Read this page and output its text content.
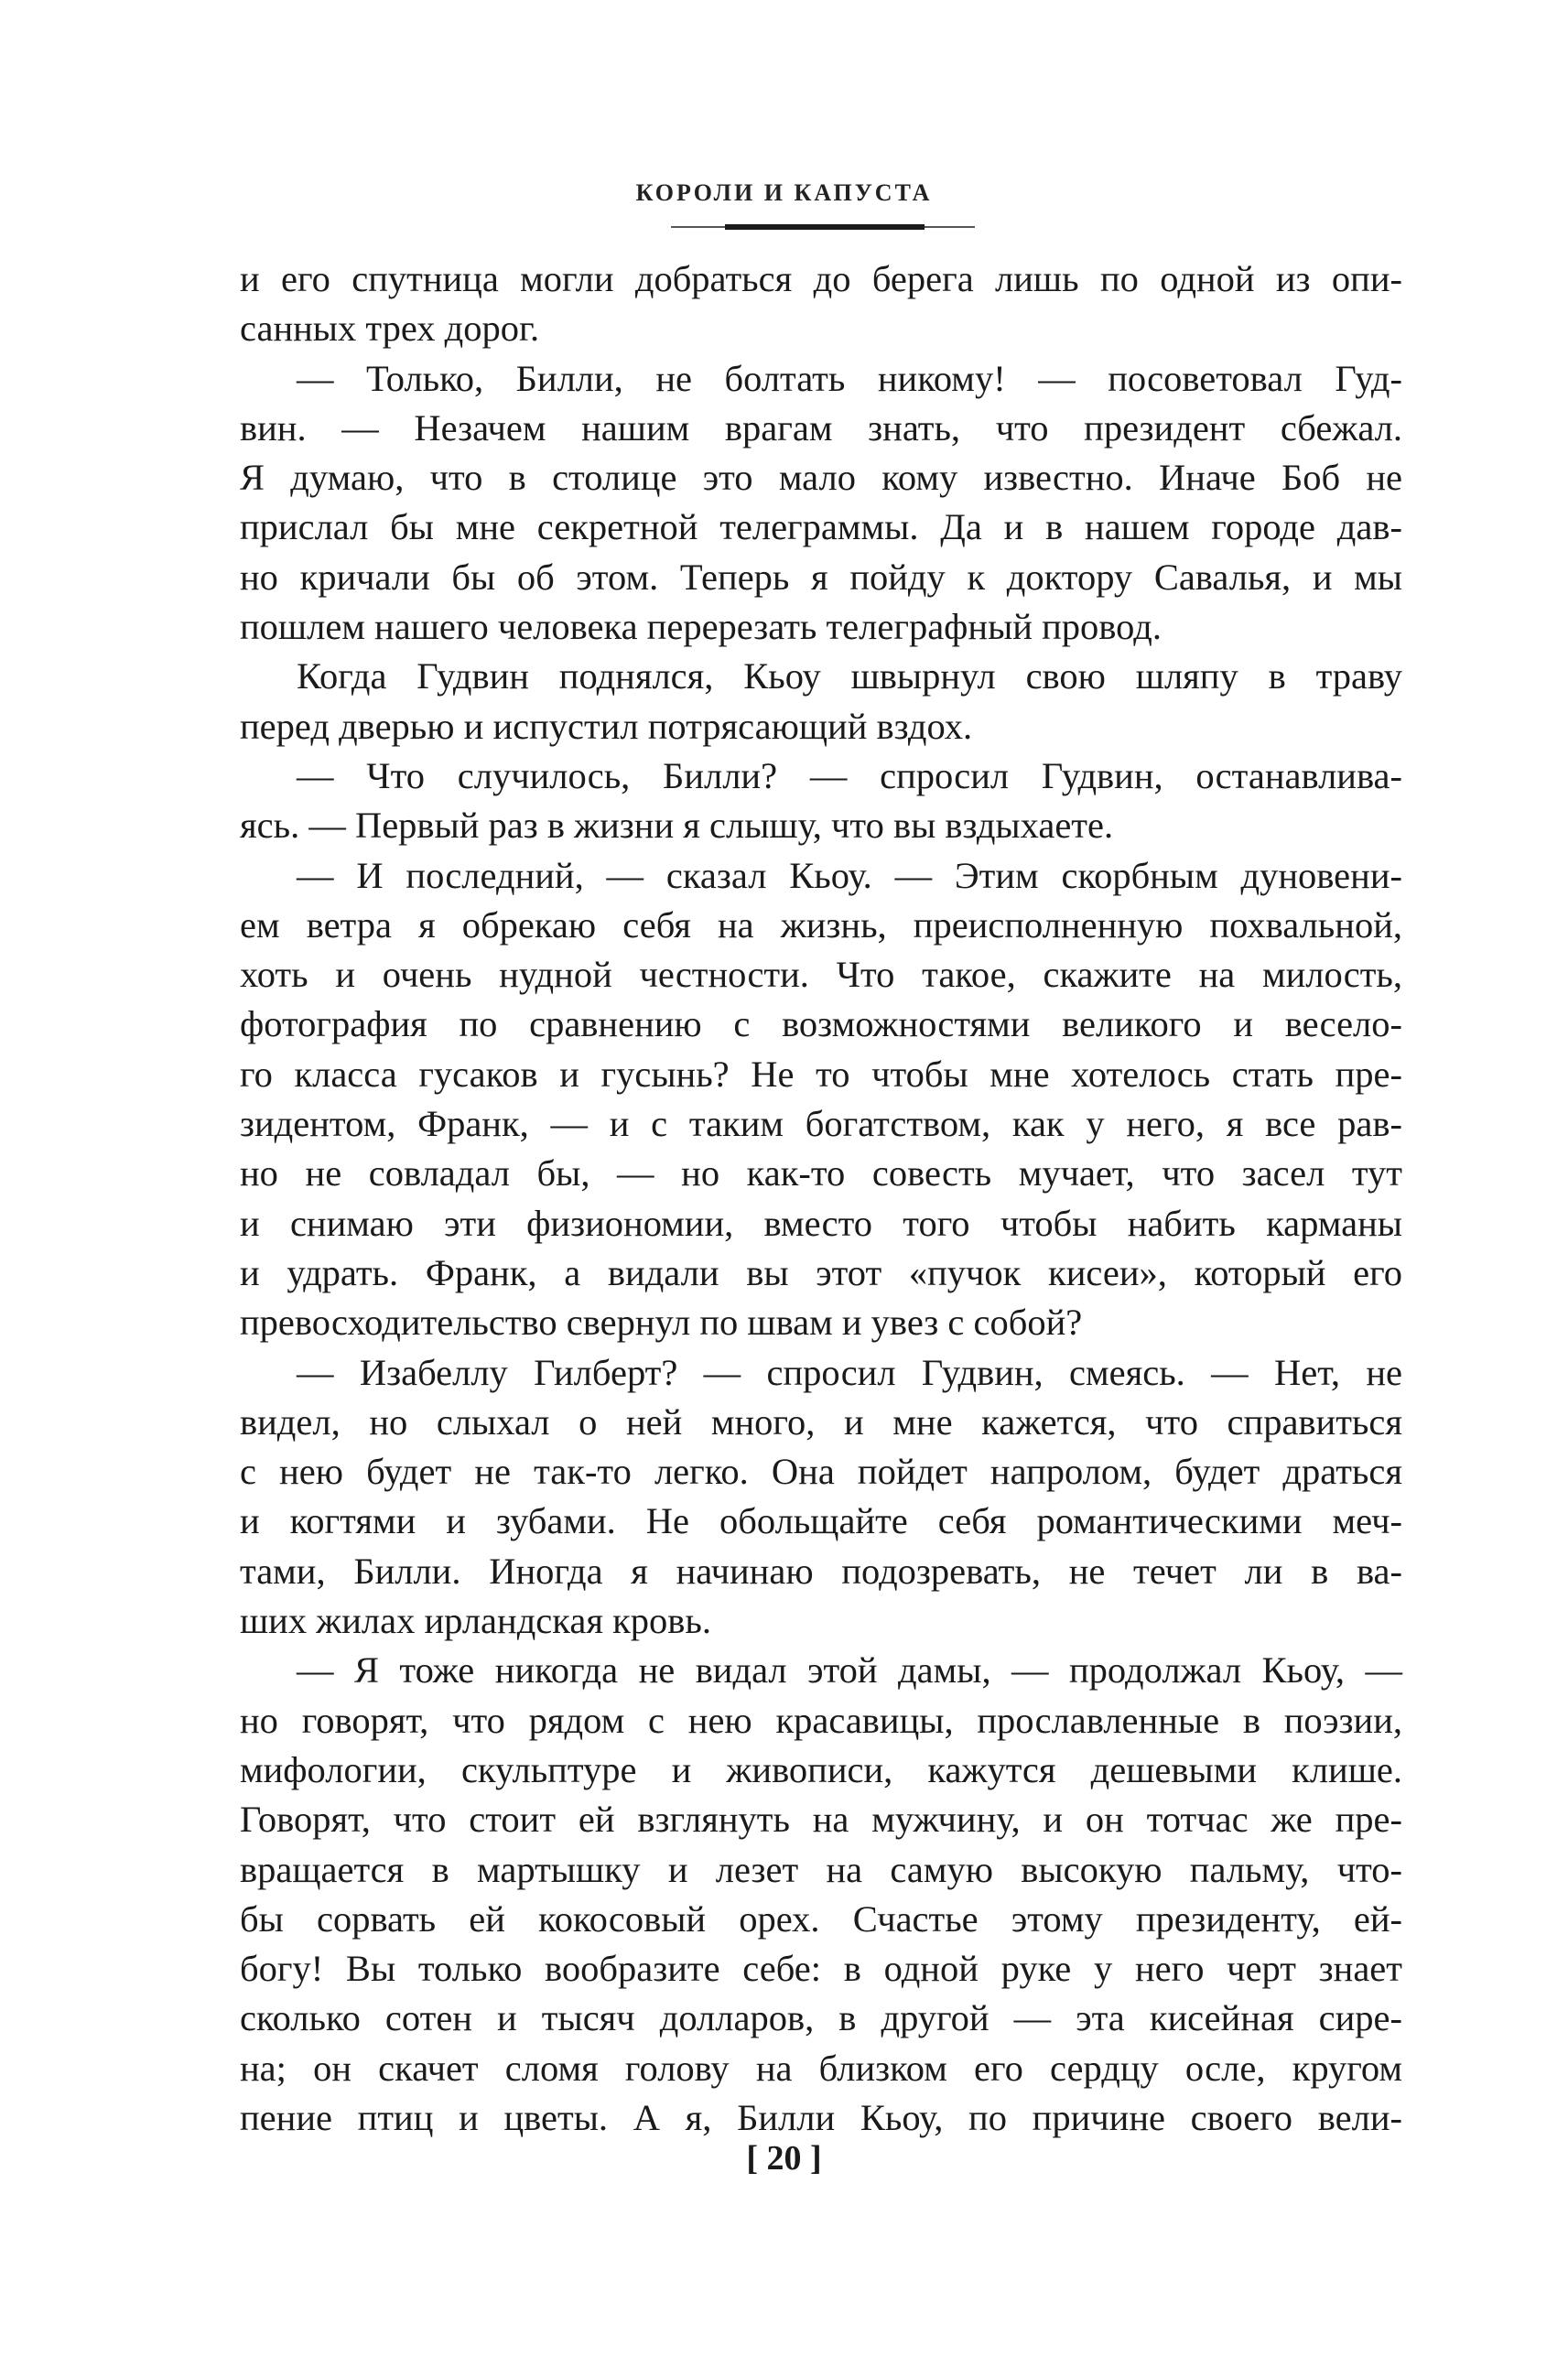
КОРОЛИ И КАПУСТА
и его спутница могли добраться до берега лишь по одной из опи-
санных трех дорог.
— Только, Билли, не болтать никому! — посоветовал Гуд-
вин. — Незачем нашим врагам знать, что президент сбежал.
Я думаю, что в столице это мало кому известно. Иначе Боб не
прислал бы мне секретной телеграммы. Да и в нашем городе дав-
но кричали бы об этом. Теперь я пойду к доктору Савалья, и мы
пошлем нашего человека перерезать телеграфный провод.
Когда Гудвин поднялся, Кьоу швырнул свою шляпу в траву
перед дверью и испустил потрясающий вздох.
— Что случилось, Билли? — спросил Гудвин, останавлива-
ясь. — Первый раз в жизни я слышу, что вы вздыхаете.
— И последний, — сказал Кьоу. — Этим скорбным дуновени-
ем ветра я обрекаю себя на жизнь, преисполненную похвальной,
хоть и очень нудной честности. Что такое, скажите на милость,
фотография по сравнению с возможностями великого и весело-
го класса гусаков и гусынь? Не то чтобы мне хотелось стать пре-
зидентом, Франк, — и с таким богатством, как у него, я все рав-
но не совладал бы, — но как-то совесть мучает, что засел тут
и снимаю эти физиономии, вместо того чтобы набить карманы
и удрать. Франк, а видали вы этот «пучок кисеи», который его
превосходительство свернул по швам и увез с собой?
— Изабеллу Гилберт? — спросил Гудвин, смеясь. — Нет, не
видел, но слыхал о ней много, и мне кажется, что справиться
с нею будет не так-то легко. Она пойдет напролом, будет драться
и когтями и зубами. Не обольщайте себя романтическими меч-
тами, Билли. Иногда я начинаю подозревать, не течет ли в ва-
ших жилах ирландская кровь.
— Я тоже никогда не видал этой дамы, — продолжал Кьоу, —
но говорят, что рядом с нею красавицы, прославленные в поэзии,
мифологии, скульптуре и живописи, кажутся дешевыми клише.
Говорят, что стоит ей взглянуть на мужчину, и он тотчас же пре-
вращается в мартышку и лезет на самую высокую пальму, что-
бы сорвать ей кокосовый орех. Счастье этому президенту, ей-
богу! Вы только вообразите себе: в одной руке у него черт знает
сколько сотен и тысяч долларов, в другой — эта кисейная сире-
на; он скачет сломя голову на близком его сердцу осле, кругом
пение птиц и цветы. А я, Билли Кьоу, по причине своего вели-
[ 20 ]
